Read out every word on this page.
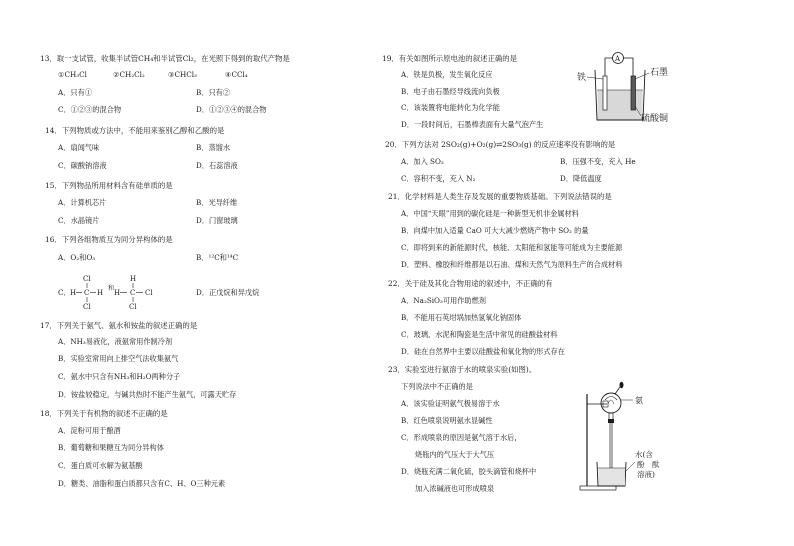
13．取一支试管，收集半试管CH₄和半试管Cl₂，在光照下得到的取代产物是
①CH₃Cl	②CH₂Cl₂	③CHCl₃	④CCl₄
A．只有①	B．只有②
C．①②③的混合物	D．①②③④的混合物
14．下列物质或方法中，不能用来鉴别乙醇和乙酸的是
A．扇闻气味	B．蒸馏水
C．碳酸钠溶液	D．石蕊溶液
15．下列物品所用材料含有硅单质的是
A．计算机芯片	B．光导纤维
C．水晶镜片	D．门窗玻璃
16．下列各组物质互为同分异构体的是
A．O₂和O₃	B．¹²C和¹⁴C
C．
Cl
H C H
Cl
和
H
H C Cl
Cl
D．正戊烷和异戊烷
17．下列关于氨气、氨水和铵盐的叙述正确的是
A．NH₃易液化，液氨常用作制冷剂
B．实验室常用向上排空气法收集氨气
C．氨水中只含有NH₃和H₂O两种分子
D．铵盐较稳定，与碱共热时不能产生氨气，可露天贮存
18．下列关于有机物的叙述不正确的是
A．淀粉可用于酿酒
B．葡萄糖和果糖互为同分异构体
C．蛋白质可水解为氨基酸
D．糖类、油脂和蛋白质都只含有C、H、O三种元素
19．有关如图所示原电池的叙述正确的是
A．铁是负极，发生氧化反应
B．电子由石墨经导线流向负极
C．该装置将电能转化为化学能
D．一段时间后，石墨棒表面有大量气泡产生
A
铁	石墨
硫酸铜
20．下列方法对 2SO₂(g)+O₂(g)⇌2SO₃(g) 的反应速率没有影响的是
A．加入 SO₃	B．压强不变，充入 He
C．容积不变，充入 N₂	D．降低温度
21．化学材料是人类生存及发展的重要物质基础。下列说法错误的是
A．中国“天眼”用到的碳化硅是一种新型无机非金属材料
B．向煤中加入适量 CaO 可大大减少燃烧产物中 SO₂ 的量
C．即将到来的新能源时代，核能、太阳能和氢能等可能成为主要能源
D．塑料、橡胶和纤维都是以石油、煤和天然气为原料生产的合成材料
22．关于硅及其化合物用途的叙述中，不正确的有
A．Na₂SiO₃可用作助燃剂
B．不能用石英坩埚加热氢氧化钠固体
C．玻璃、水泥和陶瓷是生活中常见的硅酸盐材料
D．硅在自然界中主要以硅酸盐和氧化物的形式存在
23．实验室进行氨溶于水的喷泉实验(如图)。
下列说法中不正确的是
A．该实验证明氨气极易溶于水
B．红色喷泉说明氨水显碱性
C．形成喷泉的原因是氨气溶于水后，
烧瓶内的气压大于大气压
D．烧瓶充满二氧化硫，胶头滴管和烧杯中
加入浓碱液也可形成喷泉
氨
水(含
酚　酞
溶液)
